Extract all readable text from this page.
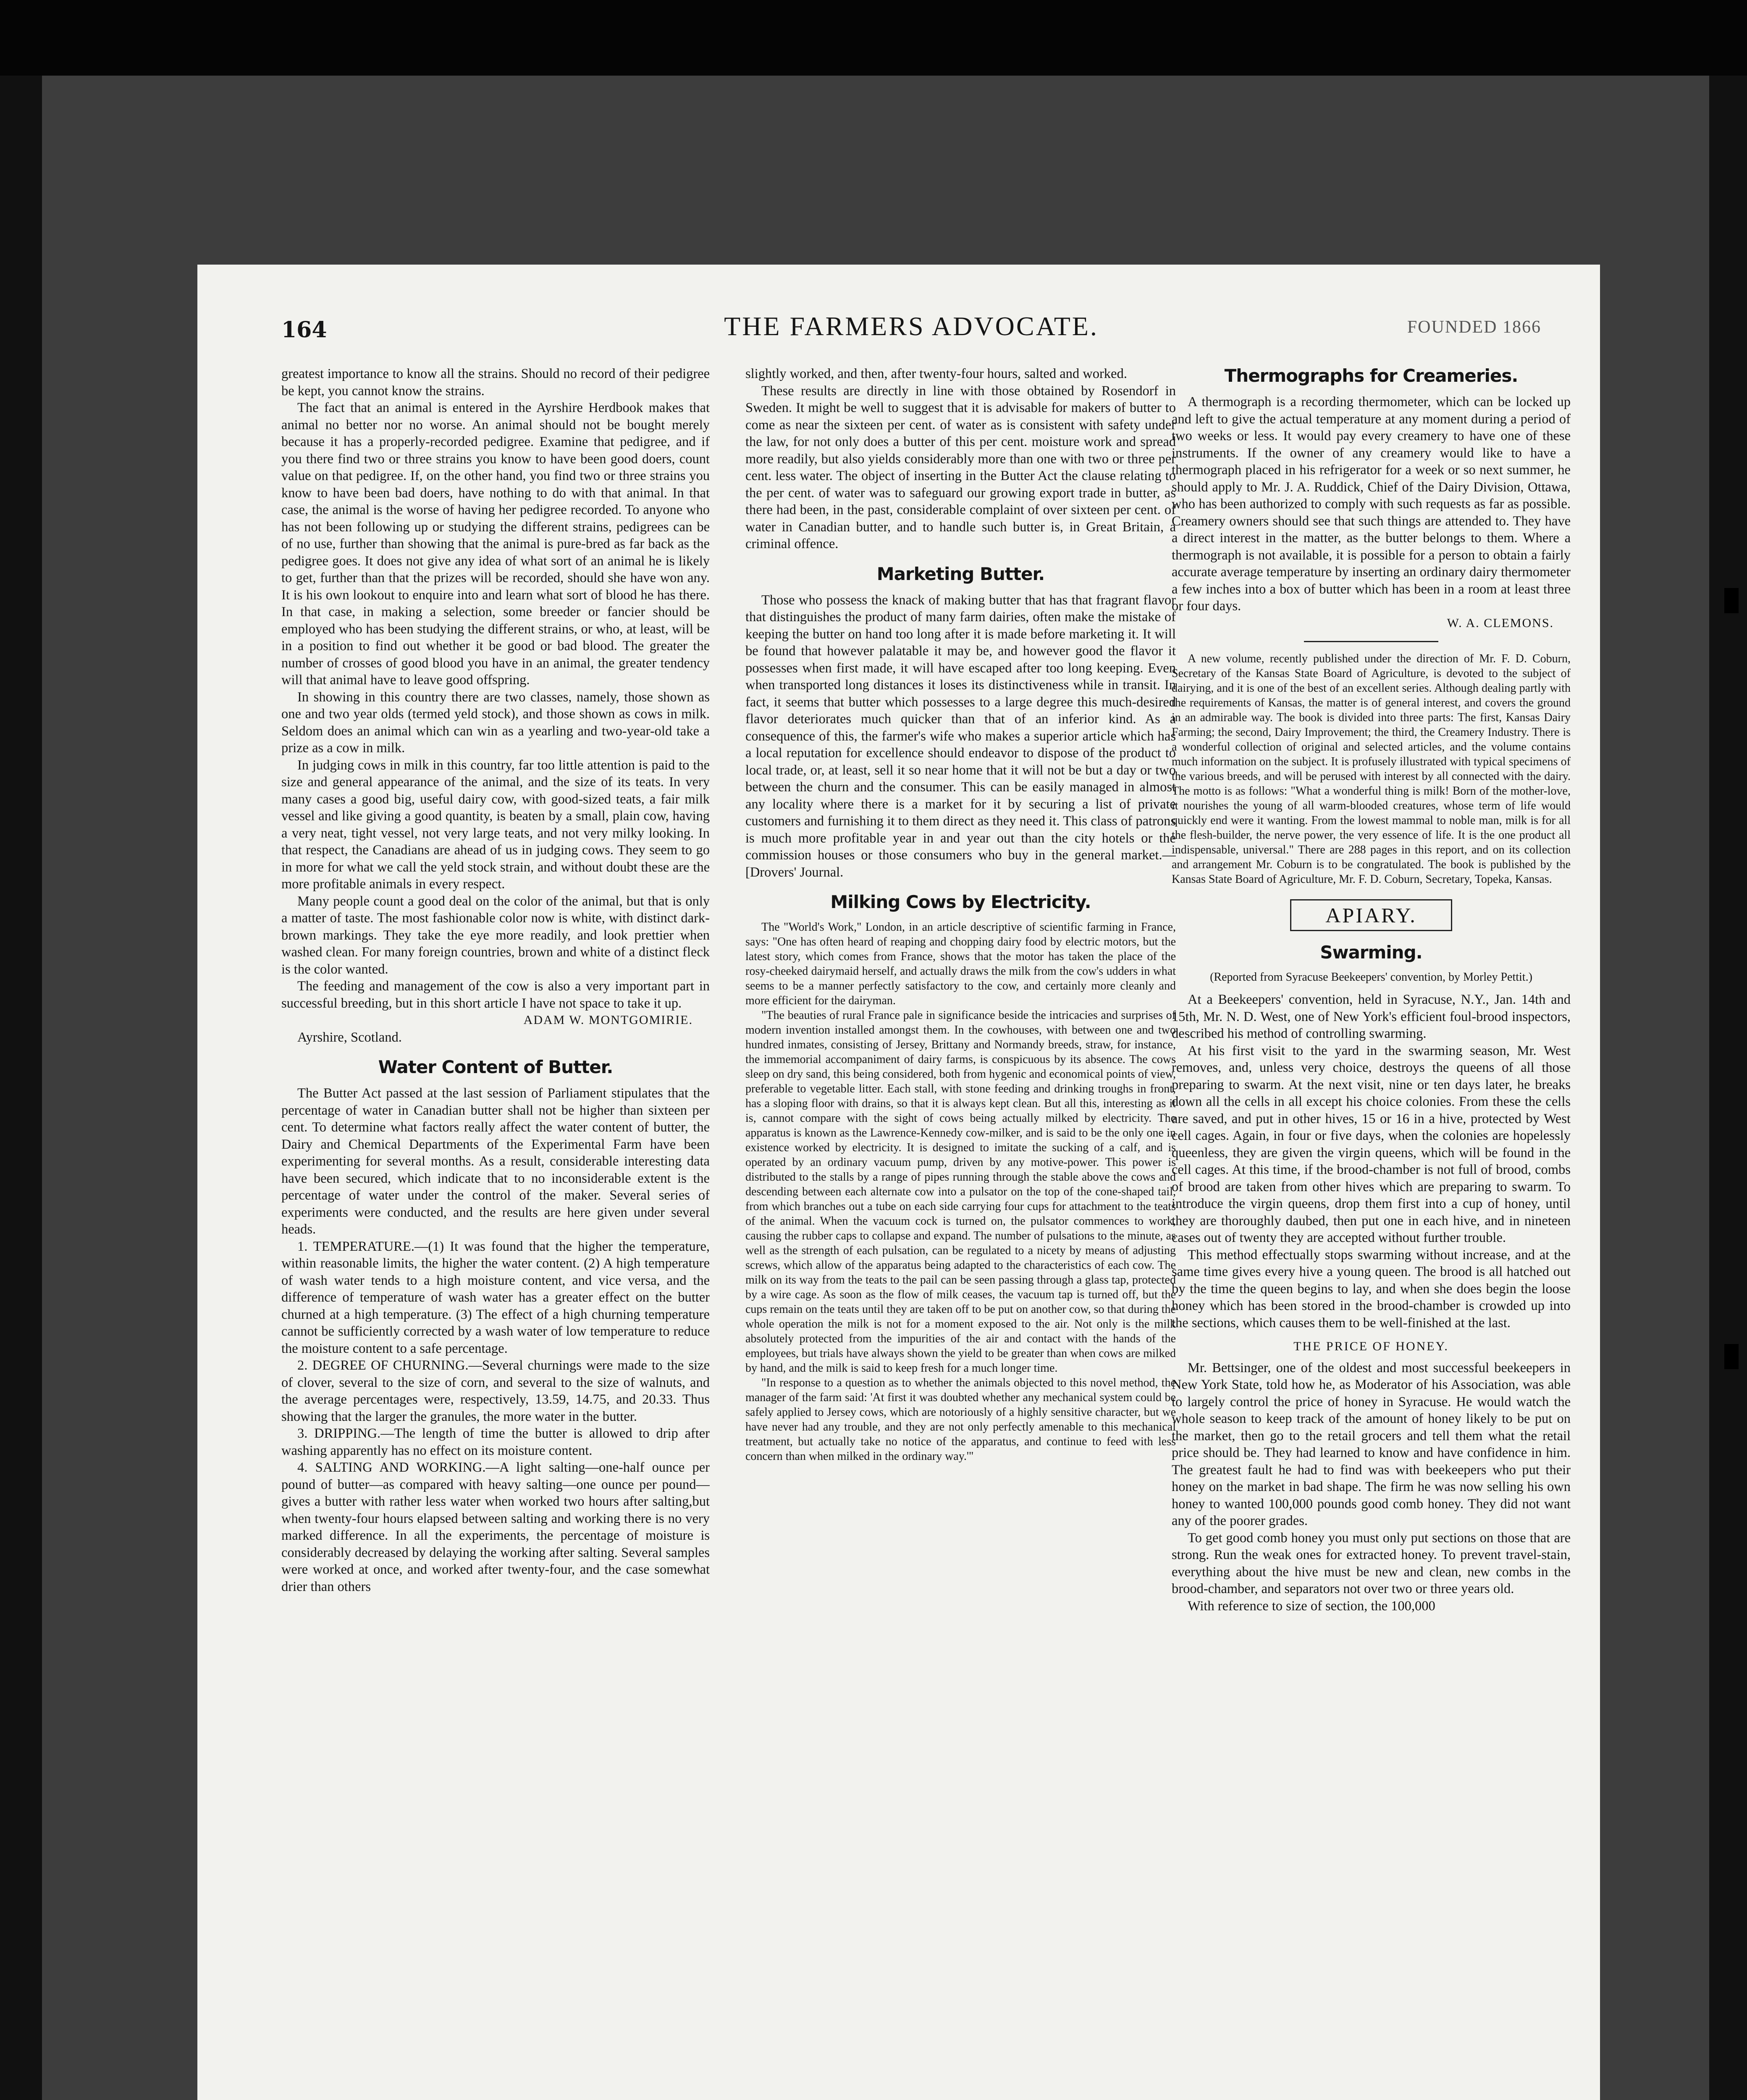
164	THE FARMERS ADVOCATE.	FOUNDED 1866

greatest importance to know all the strains. Should no record of their pedigree be kept, you cannot know the strains.

The fact that an animal is entered in the Ayrshire Herdbook makes that animal no better nor no worse. An animal should not be bought merely because it has a properly-recorded pedigree. Examine that pedigree, and if you there find two or three strains you know to have been good doers, count value on that pedigree. If, on the other hand, you find two or three strains you know to have been bad doers, have nothing to do with that animal. In that case, the animal is the worse of having her pedigree recorded. To anyone who has not been following up or studying the different strains, pedigrees can be of no use, further than showing that the animal is pure-bred as far back as the pedigree goes. It does not give any idea of what sort of an animal he is likely to get, further than that the prizes will be recorded, should she have won any. It is his own lookout to enquire into and learn what sort of blood he has there. In that case, in making a selection, some breeder or fancier should be employed who has been studying the different strains, or who, at least, will be in a position to find out whether it be good or bad blood. The greater the number of crosses of good blood you have in an animal, the greater tendency will that animal have to leave good offspring.

In showing in this country there are two classes, namely, those shown as one and two year olds (termed yeld stock), and those shown as cows in milk. Seldom does an animal which can win as a yearling and two-year-old take a prize as a cow in milk.

In judging cows in milk in this country, far too little attention is paid to the size and general appearance of the animal, and the size of its teats. In very many cases a good big, useful dairy cow, with good-sized teats, a fair milk vessel and like giving a good quantity, is beaten by a small, plain cow, having a very neat, tight vessel, not very large teats, and not very milky looking. In that respect, the Canadians are ahead of us in judging cows. They seem to go in more for what we call the yeld stock strain, and without doubt these are the more profitable animals in every respect.

Many people count a good deal on the color of the animal, but that is only a matter of taste. The most fashionable color now is white, with distinct dark-brown markings. They take the eye more readily, and look prettier when washed clean. For many foreign countries, brown and white of a distinct fleck is the color wanted.

The feeding and management of the cow is also a very important part in successful breeding, but in this short article I have not space to take it up.

ADAM W. MONTGOMIRIE.
Ayrshire, Scotland.
Water Content of Butter.

The Butter Act passed at the last session of Parliament stipulates that the percentage of water in Canadian butter shall not be higher than sixteen per cent. To determine what factors really affect the water content of butter, the Dairy and Chemical Departments of the Experimental Farm have been experimenting for several months. As a result, considerable interesting data have been secured, which indicate that to no inconsiderable extent is the percentage of water under the control of the maker. Several series of experiments were conducted, and the results are here given under several heads.

1. TEMPERATURE.—(1) It was found that the higher the temperature, within reasonable limits, the higher the water content. (2) A high temperature of wash water tends to a high moisture content, and vice versa, and the difference of temperature of wash water has a greater effect on the butter churned at a high temperature. (3) The effect of a high churning temperature cannot be sufficiently corrected by a wash water of low temperature to reduce the moisture content to a safe percentage.

2. DEGREE OF CHURNING.—Several churnings were made to the size of clover, several to the size of corn, and several to the size of walnuts, and the average percentages were, respectively, 13.59, 14.75, and 20.33. Thus showing that the larger the granules, the more water in the butter.

3. DRIPPING.—The length of time the butter is allowed to drip after washing apparently has no effect on its moisture content.

4. SALTING AND WORKING.—A light salting—one-half ounce per pound of butter—as compared with heavy salting—one ounce per pound—gives a butter with rather less water when worked two hours after salting,but when twenty-four hours elapsed between salting and working there is no very marked difference. In all the experiments, the percentage of moisture is considerably decreased by delaying the working after salting. Several samples were worked at once, and worked after twenty-four, and the case somewhat drier than others

slightly worked, and then, after twenty-four hours, salted and worked.

These results are directly in line with those obtained by Rosendorf in Sweden. It might be well to suggest that it is advisable for makers of butter to come as near the sixteen per cent. of water as is consistent with safety under the law, for not only does a butter of this per cent. moisture work and spread more readily, but also yields considerably more than one with two or three per cent. less water. The object of inserting in the Butter Act the clause relating to the per cent. of water was to safeguard our growing export trade in butter, as there had been, in the past, considerable complaint of over sixteen per cent. of water in Canadian butter, and to handle such butter is, in Great Britain, a criminal offence.

Marketing Butter.

Those who possess the knack of making butter that has that fragrant flavor that distinguishes the product of many farm dairies, often make the mistake of keeping the butter on hand too long after it is made before marketing it. It will be found that however palatable it may be, and however good the flavor it possesses when first made, it will have escaped after too long keeping. Even when transported long distances it loses its distinctiveness while in transit. In fact, it seems that butter which possesses to a large degree this much-desired flavor deteriorates much quicker than that of an inferior kind. As a consequence of this, the farmer's wife who makes a superior article which has a local reputation for excellence should endeavor to dispose of the product to local trade, or, at least, sell it so near home that it will not be but a day or two between the churn and the consumer. This can be easily managed in almost any locality where there is a market for it by securing a list of private customers and furnishing it to them direct as they need it. This class of patrons is much more profitable year in and year out than the city hotels or the commission houses or those consumers who buy in the general market.—[Drovers' Journal.

Milking Cows by Electricity.

The "World's Work," London, in an article descriptive of scientific farming in France, says: "One has often heard of reaping and chopping dairy food by electric motors, but the latest story, which comes from France, shows that the motor has taken the place of the rosy-cheeked dairymaid herself, and actually draws the milk from the cow's udders in what seems to be a manner perfectly satisfactory to the cow, and certainly more cleanly and more efficient for the dairyman.

"The beauties of rural France pale in significance beside the intricacies and surprises of modern invention installed amongst them. In the cowhouses, with between one and two hundred inmates, consisting of Jersey, Brittany and Normandy breeds, straw, for instance, the immemorial accompaniment of dairy farms, is conspicuous by its absence. The cows sleep on dry sand, this being considered, both from hygenic and economical points of view, preferable to vegetable litter. Each stall, with stone feeding and drinking troughs in front, has a sloping floor with drains, so that it is always kept clean. But all this, interesting as it is, cannot compare with the sight of cows being actually milked by electricity. The apparatus is known as the Lawrence-Kennedy cow-milker, and is said to be the only one in existence worked by electricity. It is designed to imitate the sucking of a calf, and is operated by an ordinary vacuum pump, driven by any motive-power. This power is distributed to the stalls by a range of pipes running through the stable above the cows and descending between each alternate cow into a pulsator on the top of the cone-shaped tail, from which branches out a tube on each side carrying four cups for attachment to the teats of the animal. When the vacuum cock is turned on, the pulsator commences to work, causing the rubber caps to collapse and expand. The number of pulsations to the minute, as well as the strength of each pulsation, can be regulated to a nicety by means of adjusting screws, which allow of the apparatus being adapted to the characteristics of each cow. The milk on its way from the teats to the pail can be seen passing through a glass tap, protected by a wire cage. As soon as the flow of milk ceases, the vacuum tap is turned off, but the cups remain on the teats until they are taken off to be put on another cow, so that during the whole operation the milk is not for a moment exposed to the air. Not only is the milk absolutely protected from the impurities of the air and contact with the hands of the employees, but trials have always shown the yield to be greater than when cows are milked by hand, and the milk is said to keep fresh for a much longer time.

"In response to a question as to whether the animals objected to this novel method, the manager of the farm said: 'At first it was doubted whether any mechanical system could be safely applied to Jersey cows, which are notoriously of a highly sensitive character, but we have never had any trouble, and they are not only perfectly amenable to this mechanical treatment, but actually take no notice of the apparatus, and continue to feed with less concern than when milked in the ordinary way.'"

Thermographs for Creameries.

A thermograph is a recording thermometer, which can be locked up and left to give the actual temperature at any moment during a period of two weeks or less. It would pay every creamery to have one of these instruments. If the owner of any creamery would like to have a thermograph placed in his refrigerator for a week or so next summer, he should apply to Mr. J. A. Ruddick, Chief of the Dairy Division, Ottawa, who has been authorized to comply with such requests as far as possible. Creamery owners should see that such things are attended to. They have a direct interest in the matter, as the butter belongs to them. Where a thermograph is not available, it is possible for a person to obtain a fairly accurate average temperature by inserting an ordinary dairy thermometer a few inches into a box of butter which has been in a room at least three or four days.

W. A. CLEMONS.

A new volume, recently published under the direction of Mr. F. D. Coburn, Secretary of the Kansas State Board of Agriculture, is devoted to the subject of dairying, and it is one of the best of an excellent series. Although dealing partly with the requirements of Kansas, the matter is of general interest, and covers the ground in an admirable way. The book is divided into three parts: The first, Kansas Dairy Farming; the second, Dairy Improvement; the third, the Creamery Industry. There is a wonderful collection of original and selected articles, and the volume contains much information on the subject. It is profusely illustrated with typical specimens of the various breeds, and will be perused with interest by all connected with the dairy. The motto is as follows: "What a wonderful thing is milk! Born of the mother-love, it nourishes the young of all warm-blooded creatures, whose term of life would quickly end were it wanting. From the lowest mammal to noble man, milk is for all the flesh-builder, the nerve power, the very essence of life. It is the one product all indispensable, universal." There are 288 pages in this report, and on its collection and arrangement Mr. Coburn is to be congratulated. The book is published by the Kansas State Board of Agriculture, Mr. F. D. Coburn, Secretary, Topeka, Kansas.

APIARY.
Swarming.
(Reported from Syracuse Beekeepers' convention, by Morley Pettit.)

At a Beekeepers' convention, held in Syracuse, N.Y., Jan. 14th and 15th, Mr. N. D. West, one of New York's efficient foul-brood inspectors, described his method of controlling swarming.

At his first visit to the yard in the swarming season, Mr. West removes, and, unless very choice, destroys the queens of all those preparing to swarm. At the next visit, nine or ten days later, he breaks down all the cells in all except his choice colonies. From these the cells are saved, and put in other hives, 15 or 16 in a hive, protected by West cell cages. Again, in four or five days, when the colonies are hopelessly queenless, they are given the virgin queens, which will be found in the cell cages. At this time, if the brood-chamber is not full of brood, combs of brood are taken from other hives which are preparing to swarm. To introduce the virgin queens, drop them first into a cup of honey, until they are thoroughly daubed, then put one in each hive, and in nineteen cases out of twenty they are accepted without further trouble.

This method effectually stops swarming without increase, and at the same time gives every hive a young queen. The brood is all hatched out by the time the queen begins to lay, and when she does begin the loose honey which has been stored in the brood-chamber is crowded up into the sections, which causes them to be well-finished at the last.

THE PRICE OF HONEY.

Mr. Bettsinger, one of the oldest and most successful beekeepers in New York State, told how he, as Moderator of his Association, was able to largely control the price of honey in Syracuse. He would watch the whole season to keep track of the amount of honey likely to be put on the market, then go to the retail grocers and tell them what the retail price should be. They had learned to know and have confidence in him. The greatest fault he had to find was with beekeepers who put their honey on the market in bad shape. The firm he was now selling his own honey to wanted 100,000 pounds good comb honey. They did not want any of the poorer grades.

To get good comb honey you must only put sections on those that are strong. Run the weak ones for extracted honey. To prevent travel-stain, everything about the hive must be new and clean, new combs in the brood-chamber, and separators not over two or three years old.

With reference to size of section, the 100,000
